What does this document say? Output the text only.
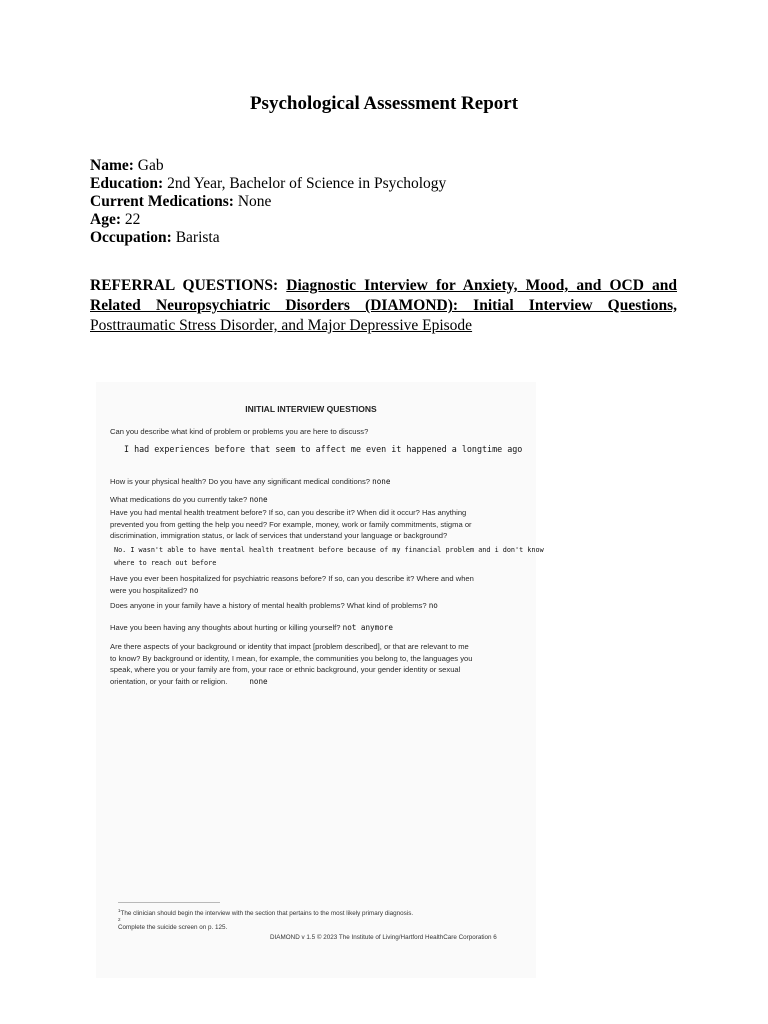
Psychological Assessment Report
Name: Gab
Education: 2nd Year, Bachelor of Science in Psychology
Current Medications: None
Age: 22
Occupation: Barista
REFERRAL QUESTIONS: Diagnostic Interview for Anxiety, Mood, and OCD and Related Neuropsychiatric Disorders (DIAMOND): Initial Interview Questions, Posttraumatic Stress Disorder, and Major Depressive Episode
INITIAL INTERVIEW QUESTIONS
Can you describe what kind of problem or problems you are here to discuss?
I had experiences before that seem to affect me even it happened a longtime ago
How is your physical health? Do you have any significant medical conditions? none
What medications do you currently take? none
Have you had mental health treatment before? If so, can you describe it? When did it occur? Has anything
prevented you from getting the help you need? For example, money, work or family commitments, stigma or
discrimination, immigration status, or lack of services that understand your language or background?
No. I wasn't able to have mental health treatment before because of my financial problem and i don't know
where to reach out before
Have you ever been hospitalized for psychiatric reasons before? If so, can you describe it? Where and when
were you hospitalized? no
Does anyone in your family have a history of mental health problems? What kind of problems? no
Have you been having any thoughts about hurting or killing yourself? not anymore
Are there aspects of your background or identity that impact [problem described], or that are relevant to me
to know? By background or identity, I mean, for example, the communities you belong to, the languages you
speak, where you or your family are from, your race or ethnic background, your gender identity or sexual
orientation, or your faith or religion.	none
$^1$The clinician should begin the interview with the section that pertains to the most likely primary diagnosis.
2
Complete the suicide screen on p. 125.
DIAMOND v 1.5 © 2023 The Institute of Living/Hartford HealthCare Corporation 6
